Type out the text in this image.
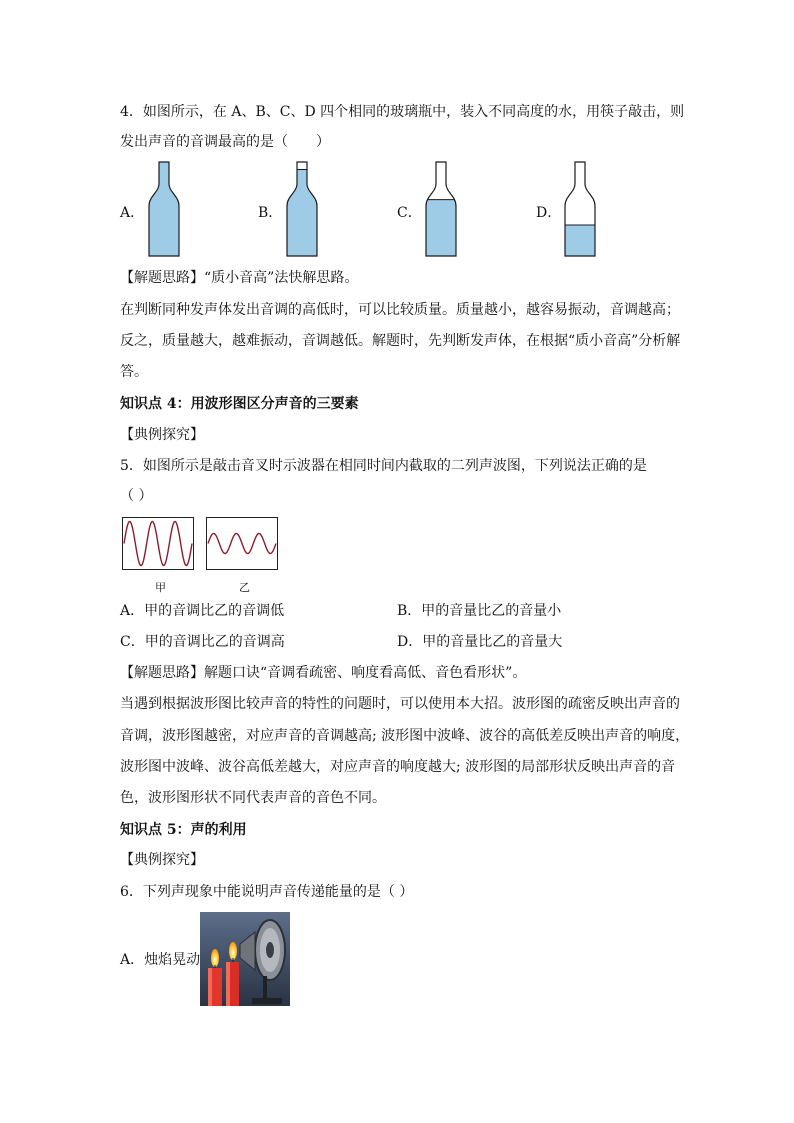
4．如图所示，在 A、B、C、D 四个相同的玻璃瓶中，装入不同高度的水，用筷子敲击，则
发出声音的音调最高的是（　　）
A．	B．	C．	D．
【解题思路】“质小音高”法快解思路。
在判断同种发声体发出音调的高低时，可以比较质量。质量越小，越容易振动，音调越高；
反之，质量越大，越难振动，音调越低。解题时，先判断发声体，在根据“质小音高”分析解
答。
知识点 4：用波形图区分声音的三要素
【典例探究】
5．如图所示是敲击音叉时示波器在相同时间内截取的二列声波图，下列说法正确的是
（ ）
甲	乙
A．甲的音调比乙的音调低	B．甲的音量比乙的音量小
C．甲的音调比乙的音调高	D．甲的音量比乙的音量大
【解题思路】解题口诀“音调看疏密、响度看高低、音色看形状”。
当遇到根据波形图比较声音的特性的问题时，可以使用本大招。波形图的疏密反映出声音的
音调，波形图越密，对应声音的音调越高; 波形图中波峰、波谷的高低差反映出声音的响度，
波形图中波峰、波谷高低差越大，对应声音的响度越大; 波形图的局部形状反映出声音的音
色，波形图形状不同代表声音的音色不同。
知识点 5：声的利用
【典例探究】
6．下列声现象中能说明声音传递能量的是（ ）
A．烛焰晃动
